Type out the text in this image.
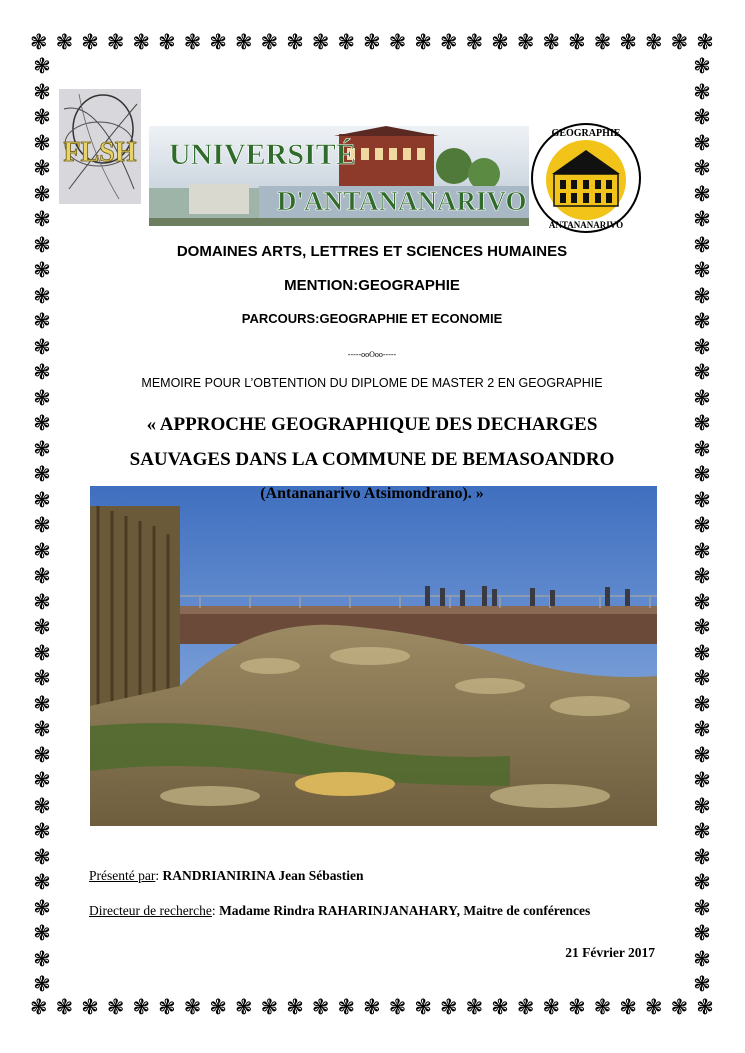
❃ ❃ ❃ ❃ ❃ ❃ ❃ ❃ ❃ ❃ ❃ ❃ ❃ ❃ ❃ ❃ ❃ ❃ ❃ ❃ ❃ ❃ ❃ ❃ ❃ ❃ ❃
❃ ❃ ❃ ❃ ❃ ❃ ❃ ❃ ❃ ❃ ❃ ❃ ❃ ❃ ❃ ❃ ❃ ❃ ❃ ❃ ❃ ❃ ❃ ❃ ❃ ❃ ❃
❃
❃
❃
❃
❃
❃
❃
❃
❃
❃
❃
❃
❃
❃
❃
❃
❃
❃
❃
❃
❃
❃
❃
❃
❃
❃
❃
❃
❃
❃
❃
❃
❃
❃
❃
❃
❃
❃
❃
❃
❃
❃
❃
❃
❃
❃
❃
❃
❃
❃
❃
❃
❃
❃
❃
❃
❃
❃
❃
❃
❃
❃
❃
❃
❃
❃
❃
❃
❃
❃
❃
❃
❃
❃
FLSH UNIVERSITÉ
D'ANTANANARIVO
GEOGRAPHIE
ANTANANARIVO
DOMAINES ARTS, LETTRES ET SCIENCES HUMAINES
MENTION:GEOGRAPHIE
PARCOURS:GEOGRAPHIE ET ECONOMIE
-----ooOoo-----
MEMOIRE POUR L’OBTENTION DU DIPLOME DE MASTER 2 EN GEOGRAPHIE
« APPROCHE GEOGRAPHIQUE DES DECHARGES
SAUVAGES DANS LA COMMUNE DE BEMASOANDRO
(Antananarivo Atsimondrano). »
Présenté par: RANDRIANIRINA Jean Sébastien
Directeur de recherche: Madame Rindra RAHARINJANAHARY, Maitre de conférences
21 Février 2017
